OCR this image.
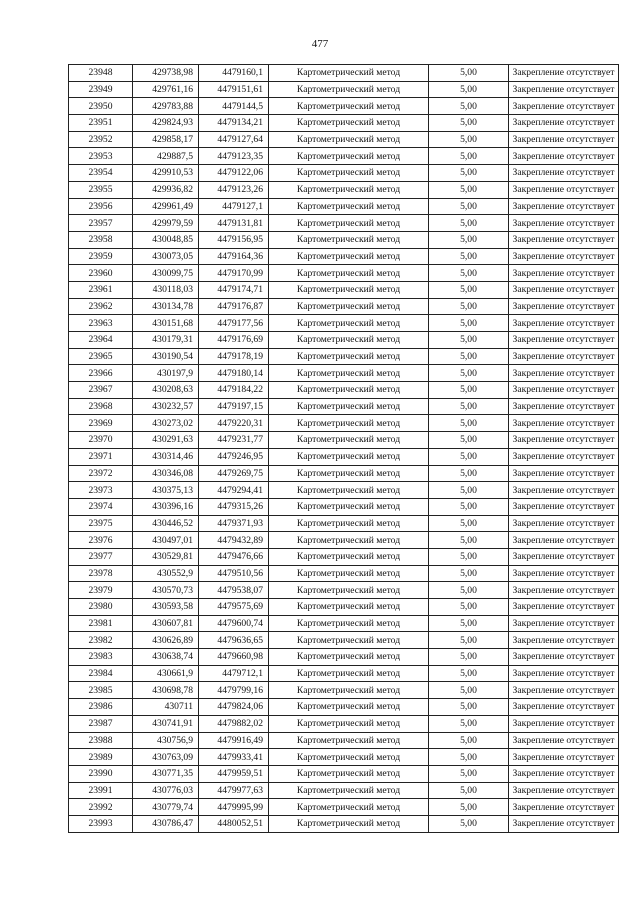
477
23948	429738,98	4479160,1	Картометрический метод	5,00	Закрепление отсутствует
23949	429761,16	4479151,61	Картометрический метод	5,00	Закрепление отсутствует
23950	429783,88	4479144,5	Картометрический метод	5,00	Закрепление отсутствует
23951	429824,93	4479134,21	Картометрический метод	5,00	Закрепление отсутствует
23952	429858,17	4479127,64	Картометрический метод	5,00	Закрепление отсутствует
23953	429887,5	4479123,35	Картометрический метод	5,00	Закрепление отсутствует
23954	429910,53	4479122,06	Картометрический метод	5,00	Закрепление отсутствует
23955	429936,82	4479123,26	Картометрический метод	5,00	Закрепление отсутствует
23956	429961,49	4479127,1	Картометрический метод	5,00	Закрепление отсутствует
23957	429979,59	4479131,81	Картометрический метод	5,00	Закрепление отсутствует
23958	430048,85	4479156,95	Картометрический метод	5,00	Закрепление отсутствует
23959	430073,05	4479164,36	Картометрический метод	5,00	Закрепление отсутствует
23960	430099,75	4479170,99	Картометрический метод	5,00	Закрепление отсутствует
23961	430118,03	4479174,71	Картометрический метод	5,00	Закрепление отсутствует
23962	430134,78	4479176,87	Картометрический метод	5,00	Закрепление отсутствует
23963	430151,68	4479177,56	Картометрический метод	5,00	Закрепление отсутствует
23964	430179,31	4479176,69	Картометрический метод	5,00	Закрепление отсутствует
23965	430190,54	4479178,19	Картометрический метод	5,00	Закрепление отсутствует
23966	430197,9	4479180,14	Картометрический метод	5,00	Закрепление отсутствует
23967	430208,63	4479184,22	Картометрический метод	5,00	Закрепление отсутствует
23968	430232,57	4479197,15	Картометрический метод	5,00	Закрепление отсутствует
23969	430273,02	4479220,31	Картометрический метод	5,00	Закрепление отсутствует
23970	430291,63	4479231,77	Картометрический метод	5,00	Закрепление отсутствует
23971	430314,46	4479246,95	Картометрический метод	5,00	Закрепление отсутствует
23972	430346,08	4479269,75	Картометрический метод	5,00	Закрепление отсутствует
23973	430375,13	4479294,41	Картометрический метод	5,00	Закрепление отсутствует
23974	430396,16	4479315,26	Картометрический метод	5,00	Закрепление отсутствует
23975	430446,52	4479371,93	Картометрический метод	5,00	Закрепление отсутствует
23976	430497,01	4479432,89	Картометрический метод	5,00	Закрепление отсутствует
23977	430529,81	4479476,66	Картометрический метод	5,00	Закрепление отсутствует
23978	430552,9	4479510,56	Картометрический метод	5,00	Закрепление отсутствует
23979	430570,73	4479538,07	Картометрический метод	5,00	Закрепление отсутствует
23980	430593,58	4479575,69	Картометрический метод	5,00	Закрепление отсутствует
23981	430607,81	4479600,74	Картометрический метод	5,00	Закрепление отсутствует
23982	430626,89	4479636,65	Картометрический метод	5,00	Закрепление отсутствует
23983	430638,74	4479660,98	Картометрический метод	5,00	Закрепление отсутствует
23984	430661,9	4479712,1	Картометрический метод	5,00	Закрепление отсутствует
23985	430698,78	4479799,16	Картометрический метод	5,00	Закрепление отсутствует
23986	430711	4479824,06	Картометрический метод	5,00	Закрепление отсутствует
23987	430741,91	4479882,02	Картометрический метод	5,00	Закрепление отсутствует
23988	430756,9	4479916,49	Картометрический метод	5,00	Закрепление отсутствует
23989	430763,09	4479933,41	Картометрический метод	5,00	Закрепление отсутствует
23990	430771,35	4479959,51	Картометрический метод	5,00	Закрепление отсутствует
23991	430776,03	4479977,63	Картометрический метод	5,00	Закрепление отсутствует
23992	430779,74	4479995,99	Картометрический метод	5,00	Закрепление отсутствует
23993	430786,47	4480052,51	Картометрический метод	5,00	Закрепление отсутствует
